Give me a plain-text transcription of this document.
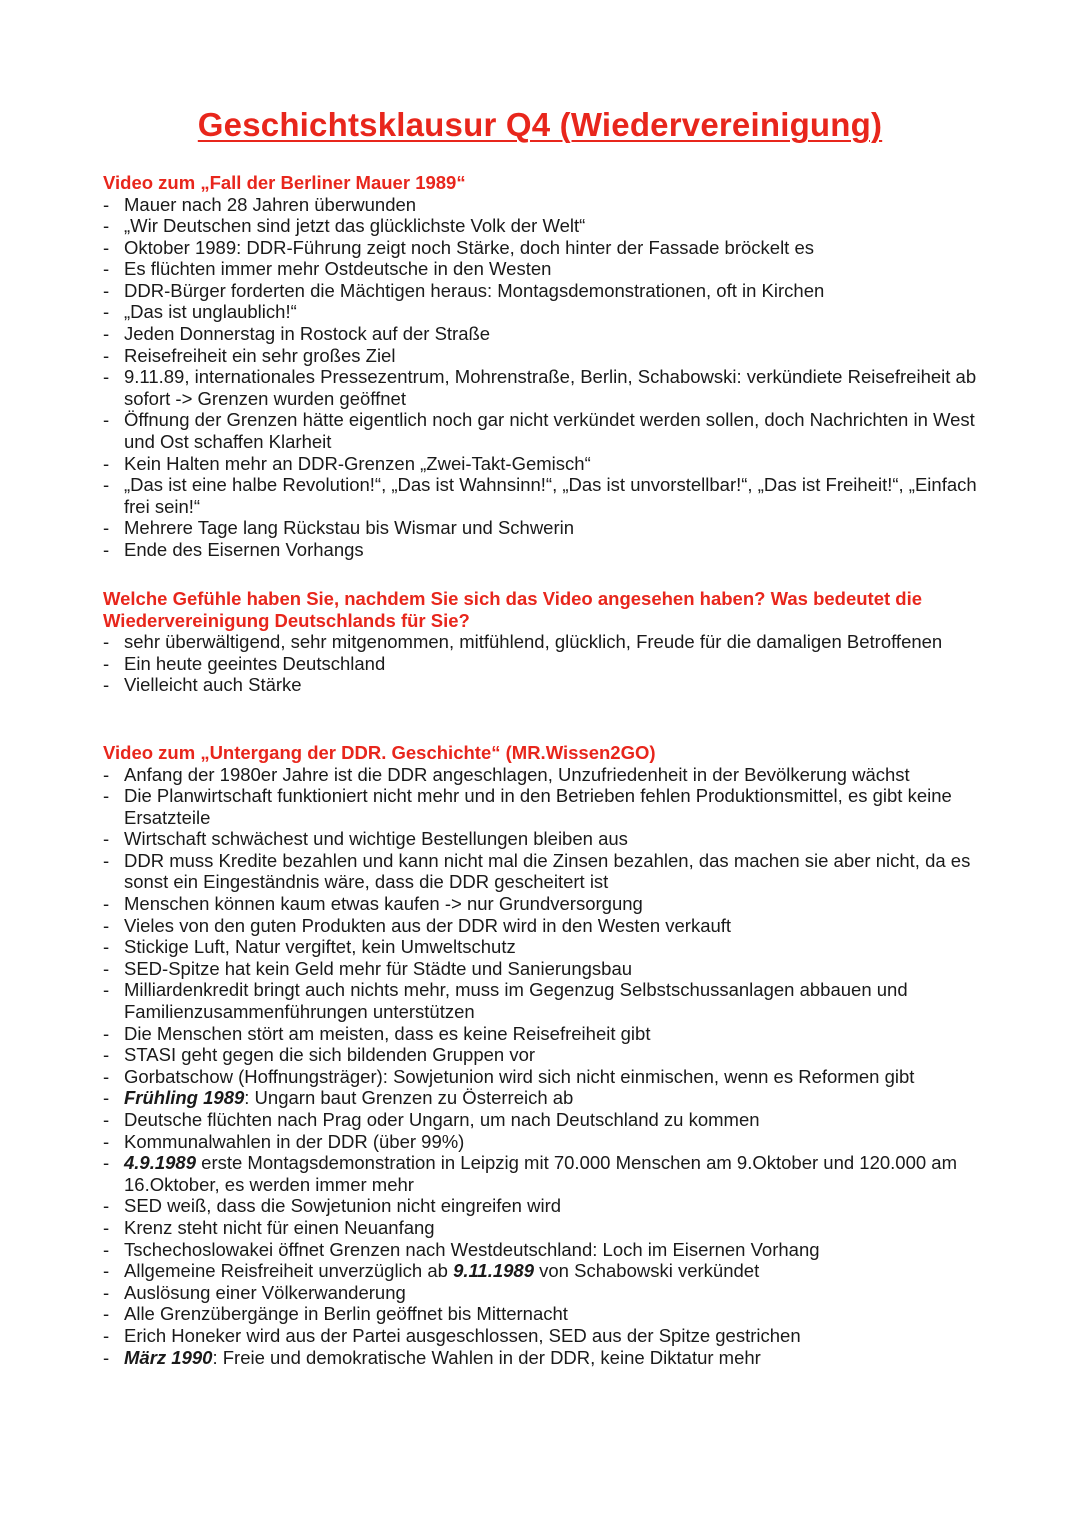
Geschichtsklausur Q4 (Wiedervereinigung)
Video zum „Fall der Berliner Mauer 1989“
- Mauer nach 28 Jahren überwunden
- „Wir Deutschen sind jetzt das glücklichste Volk der Welt“
- Oktober 1989: DDR-Führung zeigt noch Stärke, doch hinter der Fassade bröckelt es
- Es flüchten immer mehr Ostdeutsche in den Westen
- DDR-Bürger forderten die Mächtigen heraus: Montagsdemonstrationen, oft in Kirchen
- „Das ist unglaublich!“
- Jeden Donnerstag in Rostock auf der Straße
- Reisefreiheit ein sehr großes Ziel
- 9.11.89, internationales Pressezentrum, Mohrenstraße, Berlin, Schabowski: verkündiete Reisefreiheit ab sofort -> Grenzen wurden geöffnet
- Öffnung der Grenzen hätte eigentlich noch gar nicht verkündet werden sollen, doch Nachrichten in West und Ost schaffen Klarheit
- Kein Halten mehr an DDR-Grenzen „Zwei-Takt-Gemisch“
- „Das ist eine halbe Revolution!“, „Das ist Wahnsinn!“, „Das ist unvorstellbar!“, „Das ist Freiheit!“, „Einfach frei sein!“
- Mehrere Tage lang Rückstau bis Wismar und Schwerin
- Ende des Eisernen Vorhangs
Welche Gefühle haben Sie, nachdem Sie sich das Video angesehen haben? Was bedeutet die Wiedervereinigung Deutschlands für Sie?
- sehr überwältigend, sehr mitgenommen, mitfühlend, glücklich, Freude für die damaligen Betroffenen
- Ein heute geeintes Deutschland
- Vielleicht auch Stärke
Video zum „Untergang der DDR. Geschichte“ (MR.Wissen2GO)
- Anfang der 1980er Jahre ist die DDR angeschlagen, Unzufriedenheit in der Bevölkerung wächst
- Die Planwirtschaft funktioniert nicht mehr und in den Betrieben fehlen Produktionsmittel, es gibt keine Ersatzteile
- Wirtschaft schwächest und wichtige Bestellungen bleiben aus
- DDR muss Kredite bezahlen und kann nicht mal die Zinsen bezahlen, das machen sie aber nicht, da es sonst ein Eingeständnis wäre, dass die DDR gescheitert ist
- Menschen können kaum etwas kaufen -> nur Grundversorgung
- Vieles von den guten Produkten aus der DDR wird in den Westen verkauft
- Stickige Luft, Natur vergiftet, kein Umweltschutz
- SED-Spitze hat kein Geld mehr für Städte und Sanierungsbau
- Milliardenkredit bringt auch nichts mehr, muss im Gegenzug Selbstschussanlagen abbauen und Familienzusammenführungen unterstützen
- Die Menschen stört am meisten, dass es keine Reisefreiheit gibt
- STASI geht gegen die sich bildenden Gruppen vor
- Gorbatschow (Hoffnungsträger): Sowjetunion wird sich nicht einmischen, wenn es Reformen gibt
- Frühling 1989: Ungarn baut Grenzen zu Österreich ab
- Deutsche flüchten nach Prag oder Ungarn, um nach Deutschland zu kommen
- Kommunalwahlen in der DDR (über 99%)
- 4.9.1989 erste Montagsdemonstration in Leipzig mit 70.000 Menschen am 9.Oktober und 120.000 am 16.Oktober, es werden immer mehr
- SED weiß, dass die Sowjetunion nicht eingreifen wird
- Krenz steht nicht für einen Neuanfang
- Tschechoslowakei öffnet Grenzen nach Westdeutschland: Loch im Eisernen Vorhang
- Allgemeine Reisfreiheit unverzüglich ab 9.11.1989 von Schabowski verkündet
- Auslösung einer Völkerwanderung
- Alle Grenzübergänge in Berlin geöffnet bis Mitternacht
- Erich Honeker wird aus der Partei ausgeschlossen, SED aus der Spitze gestrichen
- März 1990: Freie und demokratische Wahlen in der DDR, keine Diktatur mehr
